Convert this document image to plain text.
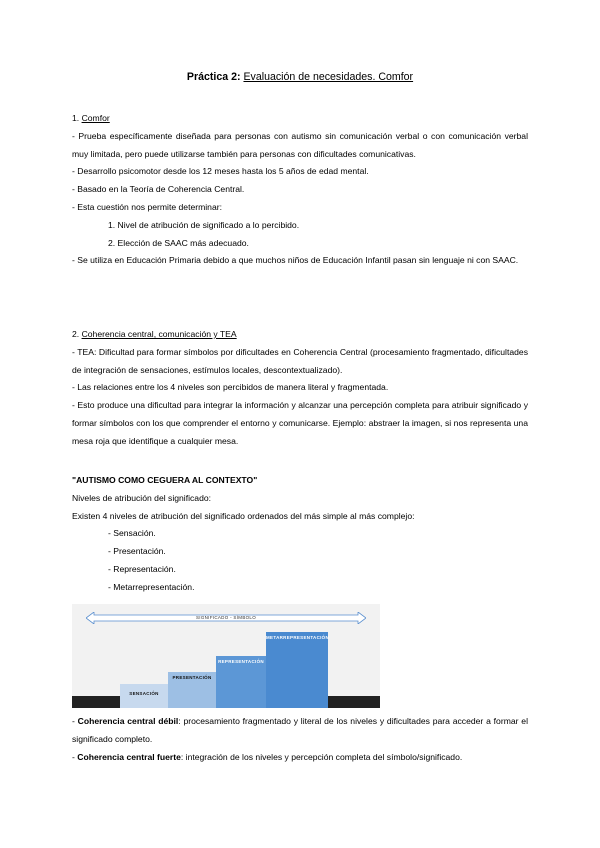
Práctica 2: Evaluación de necesidades. Comfor

1. Comfor

- Prueba específicamente diseñada para personas con autismo sin comunicación verbal o con comunicación verbal muy limitada, pero puede utilizarse también para personas con dificultades comunicativas.

- Desarrollo psicomotor desde los 12 meses hasta los 5 años de edad mental.

- Basado en la Teoría de Coherencia Central.

- Esta cuestión nos permite determinar:

1. Nivel de atribución de significado a lo percibido.

2. Elección de SAAC más adecuado.

- Se utiliza en Educación Primaria debido a que muchos niños de Educación Infantil pasan sin lenguaje ni con SAAC.

2. Coherencia central, comunicación y TEA

- TEA: Dificultad para formar símbolos por dificultades en Coherencia Central (procesamiento fragmentado, dificultades de integración de sensaciones, estímulos locales, descontextualizado).

- Las relaciones entre los 4 niveles son percibidos de manera literal y fragmentada.

- Esto produce una dificultad para integrar la información y alcanzar una percepción completa para atribuir significado y formar símbolos con los que comprender el entorno y comunicarse. Ejemplo: abstraer la imagen, si nos representa una mesa roja que identifique a cualquier mesa.

"AUTISMO COMO CEGUERA AL CONTEXTO"

Niveles de atribución del significado:

Existen 4 niveles de atribución del significado ordenados del más simple al más complejo:

- Sensación.

- Presentación.

- Representación.

- Metarrepresentación.

SIGNIFICADO - SÍMBOLO
SENSACIÓN
PRESENTACIÓN
REPRESENTACIÓN
METARREPRESENTACIÓN

- Coherencia central débil: procesamiento fragmentado y literal de los niveles y dificultades para acceder a formar el significado completo.

- Coherencia central fuerte: integración de los niveles y percepción completa del símbolo/significado.
